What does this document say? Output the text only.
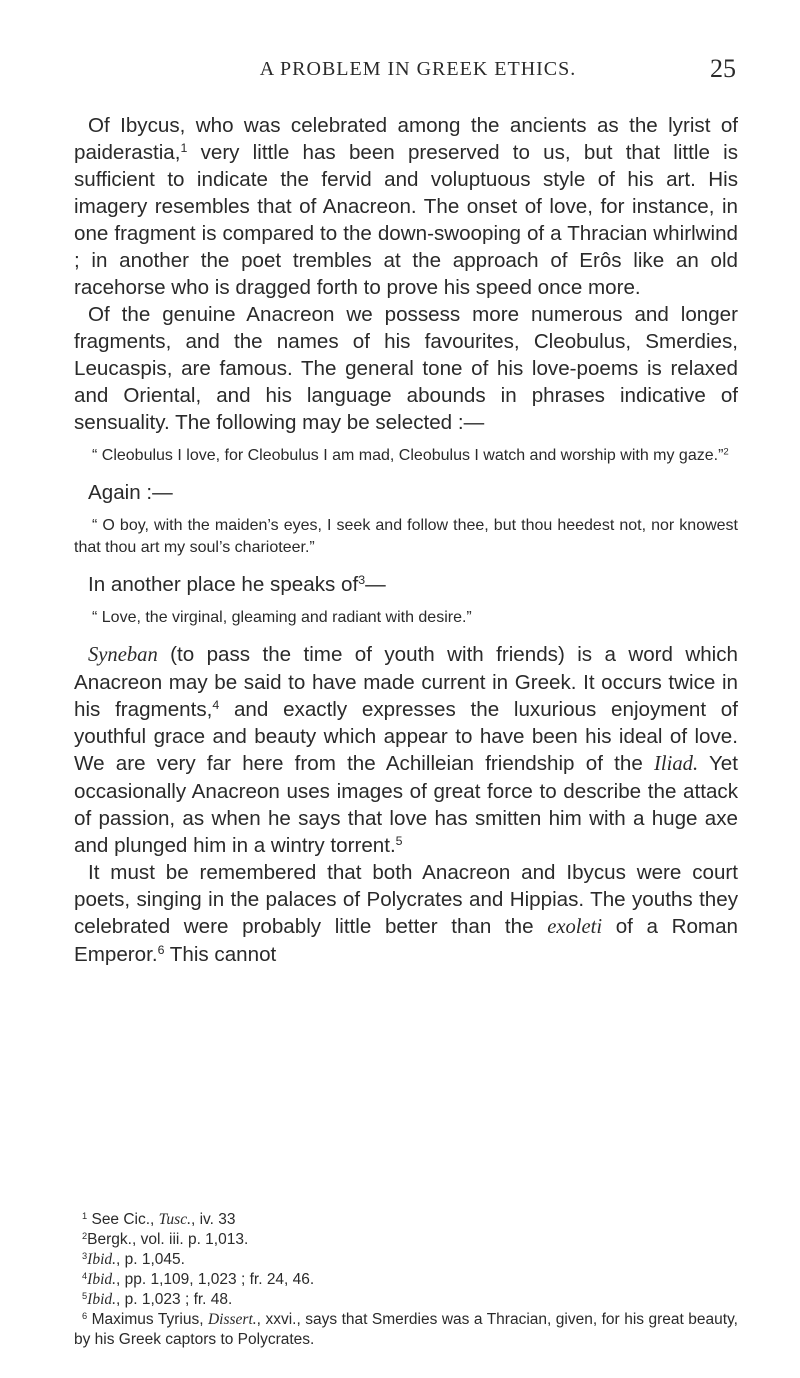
A PROBLEM IN GREEK ETHICS.	25

Of Ibycus, who was celebrated among the ancients as the lyrist of paiderastia,$^1$ very little has been preserved to us, but that little is sufficient to indicate the fervid and voluptuous style of his art. His imagery resembles that of Anacreon. The onset of love, for instance, in one fragment is compared to the down-swooping of a Thracian whirlwind ; in another the poet trembles at the approach of Erôs like an old racehorse who is dragged forth to prove his speed once more.

Of the genuine Anacreon we possess more numerous and longer fragments, and the names of his favourites, Cleobulus, Smerdies, Leucaspis, are famous. The general tone of his love-poems is relaxed and Oriental, and his language abounds in phrases indicative of sensuality. The following may be selected :—

“ Cleobulus I love, for Cleobulus I am mad, Cleobulus I watch and worship with my gaze.”$^2$

Again :—

“ O boy, with the maiden’s eyes, I seek and follow thee, but thou heedest not, nor knowest that thou art my soul’s charioteer.”

In another place he speaks $of^3—$

“ Love, the virginal, gleaming and radiant with desire.”

Syneban (to pass the time of youth with friends) is a word which Anacreon may be said to have made current in Greek. It occurs twice in his fragments,$^4$ and exactly expresses the luxurious enjoyment of youthful grace and beauty which appear to have been his ideal of love. We are very far here from the Achilleian friendship of the Iliad. Yet occasionally Anacreon uses images of great force to describe the attack of passion, as when he says that love has smitten him with a huge axe and plunged him in a wintry torrent.$^5$

It must be remembered that both Anacreon and Ibycus were court poets, singing in the palaces of Polycrates and Hippias. The youths they celebrated were probably little better than the exoleti of a Roman Emperor.$^6$ This cannot

$^1$ See Cic., Tusc., iv. 33

$^2$Bergk., vol. iii. p. 1,013.

$^3$Ibid., p. 1,045.

$^4$Ibid., pp. 1,109, 1,023 ; fr. 24, 46.

$^5$Ibid., p. 1,023 ; fr. 48.

$^6$ Maximus Tyrius, Dissert., xxvi., says that Smerdies was a Thracian, given, for his great beauty, by his Greek captors to Polycrates.
